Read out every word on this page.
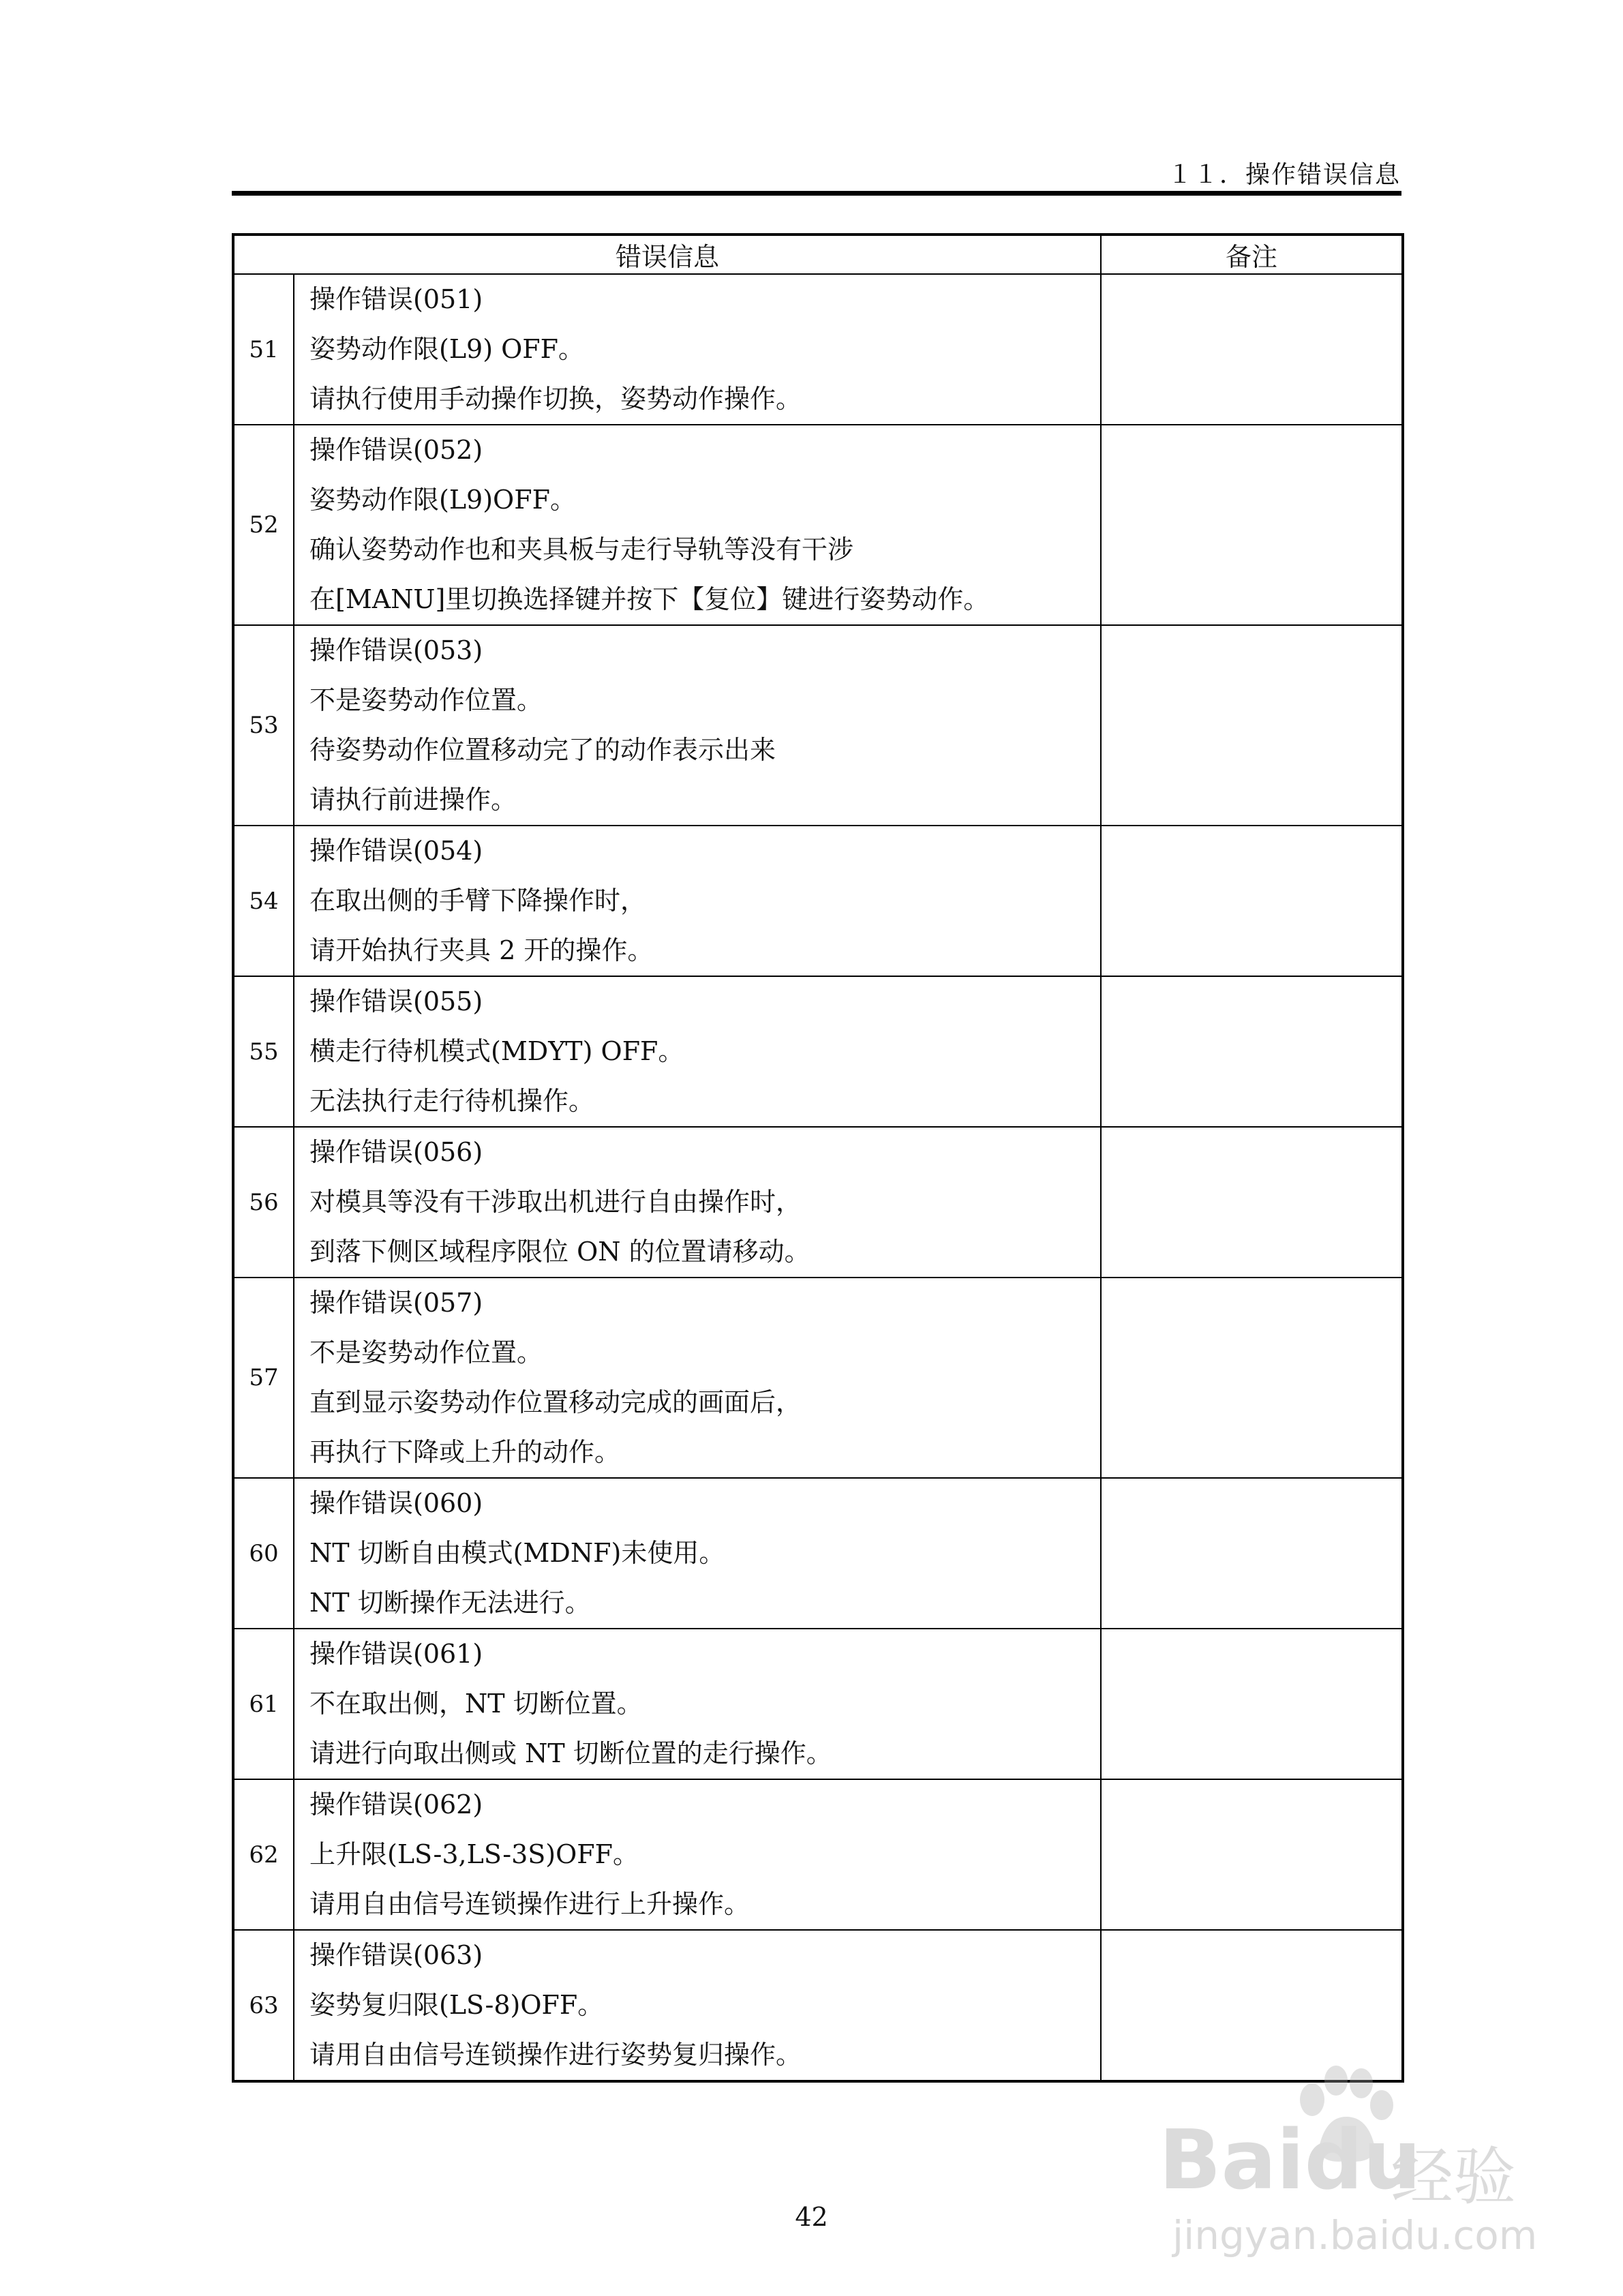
１１．操作错误信息
错误信息		备注
51	操作错误(051)
姿势动作限(L9) OFF。
请执行使用手动操作切换，姿势动作操作。	

52	操作错误(052)
姿势动作限(L9)OFF。
确认姿势动作也和夹具板与走行导轨等没有干涉
在[MANU]里切换选择键并按下【复位】键进行姿势动作。	

53	操作错误(053)
不是姿势动作位置。
待姿势动作位置移动完了的动作表示出来
请执行前进操作。	

54	操作错误(054)
在取出侧的手臂下降操作时，
请开始执行夹具 2 开的操作。	

55	操作错误(055)
横走行待机模式(MDYT) OFF。
无法执行走行待机操作。	

56	操作错误(056)
对模具等没有干涉取出机进行自由操作时，
到落下侧区域程序限位 ON 的位置请移动。	

57	操作错误(057)
不是姿势动作位置。
直到显示姿势动作位置移动完成的画面后，
再执行下降或上升的动作。	

60	操作错误(060)
NT 切断自由模式(MDNF)未使用。
NT 切断操作无法进行。	

61	操作错误(061)
不在取出侧，NT 切断位置。
请进行向取出侧或 NT 切断位置的走行操作。	

62	操作错误(062)
上升限(LS-3,LS-3S)OFF。
请用自由信号连锁操作进行上升操作。	

63	操作错误(063)
姿势复归限(LS-8)OFF。
请用自由信号连锁操作进行姿势复归操作。	

42
Baidu
经验
jingyan.baidu.com
